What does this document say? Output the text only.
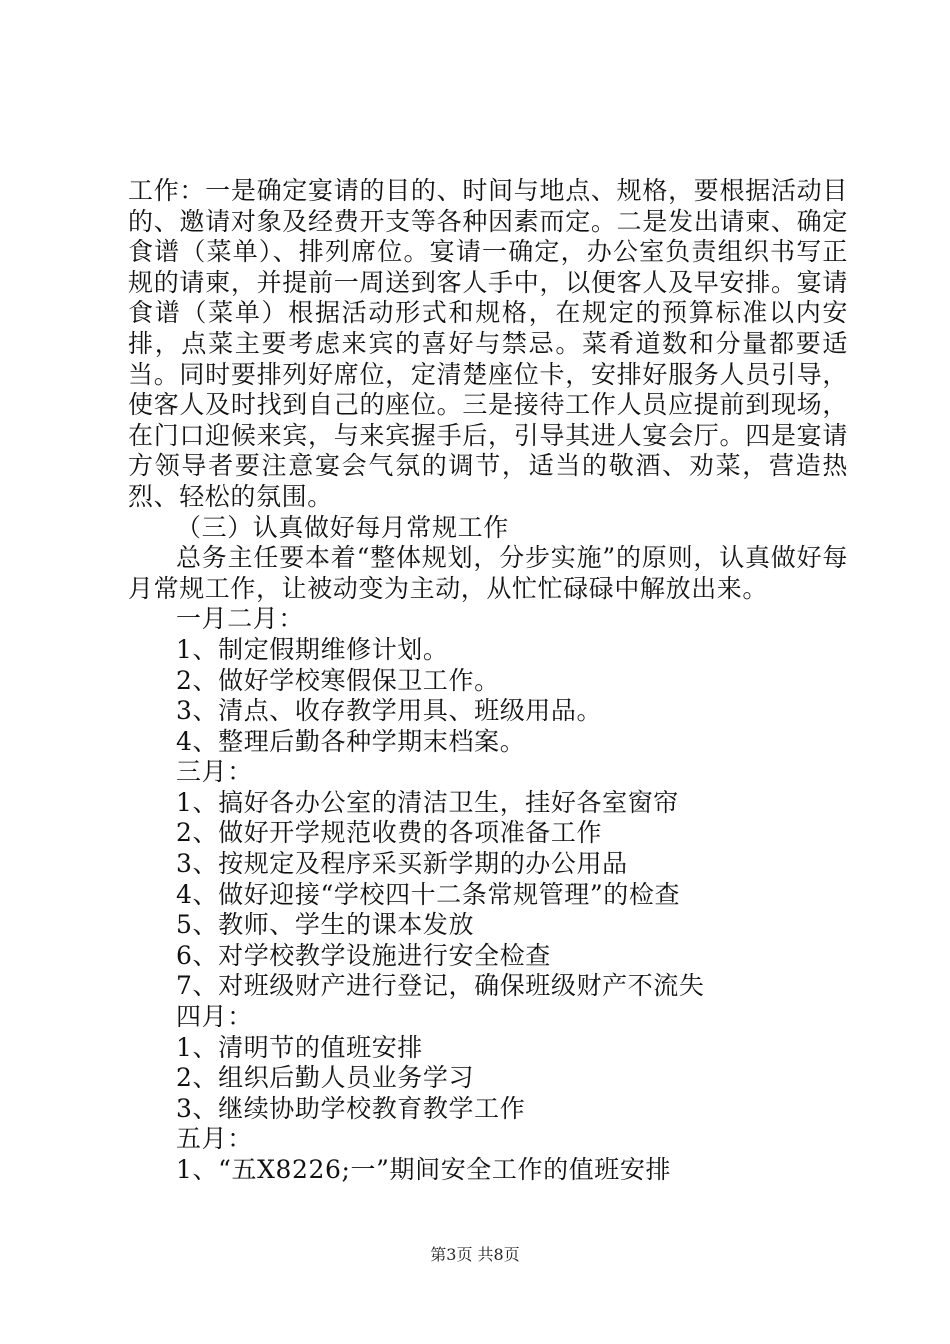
工作：一是确定宴请的目的、时间与地点、规格，要根据活动目的、邀请对象及经费开支等各种因素而定。二是发出请柬、确定食谱（菜单）、排列席位。宴请一确定，办公室负责组织书写正规的请柬，并提前一周送到客人手中，以便客人及早安排。宴请食谱（菜单）根据活动形式和规格，在规定的预算标准以内安排，点菜主要考虑来宾的喜好与禁忌。菜肴道数和分量都要适当。同时要排列好席位，定清楚座位卡，安排好服务人员引导，使客人及时找到自己的座位。三是接待工作人员应提前到现场，在门口迎候来宾，与来宾握手后，引导其进人宴会厅。四是宴请方领导者要注意宴会气氛的调节，适当的敬酒、劝菜，营造热烈、轻松的氛围。

（三）认真做好每月常规工作

总务主任要本着“整体规划，分步实施”的原则，认真做好每月常规工作，让被动变为主动，从忙忙碌碌中解放出来。

一月二月：

1、制定假期维修计划。

2、做好学校寒假保卫工作。

3、清点、收存教学用具、班级用品。

4、整理后勤各种学期末档案。

三月：

1、搞好各办公室的清洁卫生，挂好各室窗帘

2、做好开学规范收费的各项准备工作

3、按规定及程序采买新学期的办公用品

4、做好迎接“学校四十二条常规管理”的检查

5、教师、学生的课本发放

6、对学校教学设施进行安全检查

7、对班级财产进行登记，确保班级财产不流失

四月：

1、清明节的值班安排

2、组织后勤人员业务学习

3、继续协助学校教育教学工作

五月：

1、“五X8226;一”期间安全工作的值班安排

第3页 共8页
